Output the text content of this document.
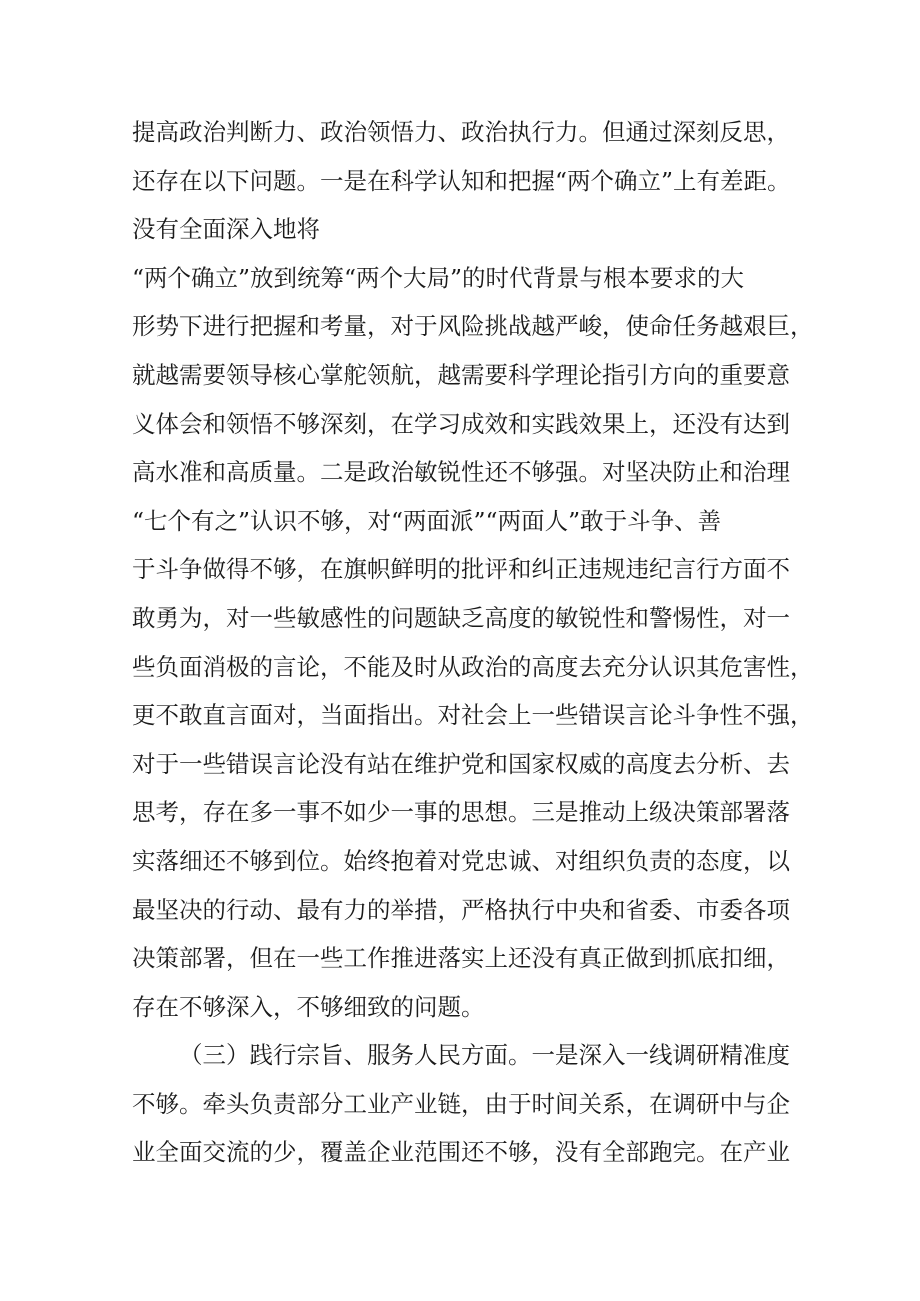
提高政治判断力、政治领悟力、政治执行力。但通过深刻反思，
还存在以下问题。一是在科学认知和把握“两个确立”上有差距。
没有全面深入地将
“两个确立”放到统筹“两个大局”的时代背景与根本要求的大
形势下进行把握和考量，对于风险挑战越严峻，使命任务越艰巨，
就越需要领导核心掌舵领航，越需要科学理论指引方向的重要意
义体会和领悟不够深刻，在学习成效和实践效果上，还没有达到
高水准和高质量。二是政治敏锐性还不够强。对坚决防止和治理
“七个有之”认识不够，对“两面派”“两面人”敢于斗争、善
于斗争做得不够，在旗帜鲜明的批评和纠正违规违纪言行方面不
敢勇为，对一些敏感性的问题缺乏高度的敏锐性和警惕性，对一
些负面消极的言论，不能及时从政治的高度去充分认识其危害性，
更不敢直言面对，当面指出。对社会上一些错误言论斗争性不强，
对于一些错误言论没有站在维护党和国家权威的高度去分析、去
思考，存在多一事不如少一事的思想。三是推动上级决策部署落
实落细还不够到位。始终抱着对党忠诚、对组织负责的态度，以
最坚决的行动、最有力的举措，严格执行中央和省委、市委各项
决策部署，但在一些工作推进落实上还没有真正做到抓底扣细，
存在不够深入，不够细致的问题。
（三）践行宗旨、服务人民方面。一是深入一线调研精准度
不够。牵头负责部分工业产业链，由于时间关系，在调研中与企
业全面交流的少，覆盖企业范围还不够，没有全部跑完。在产业
